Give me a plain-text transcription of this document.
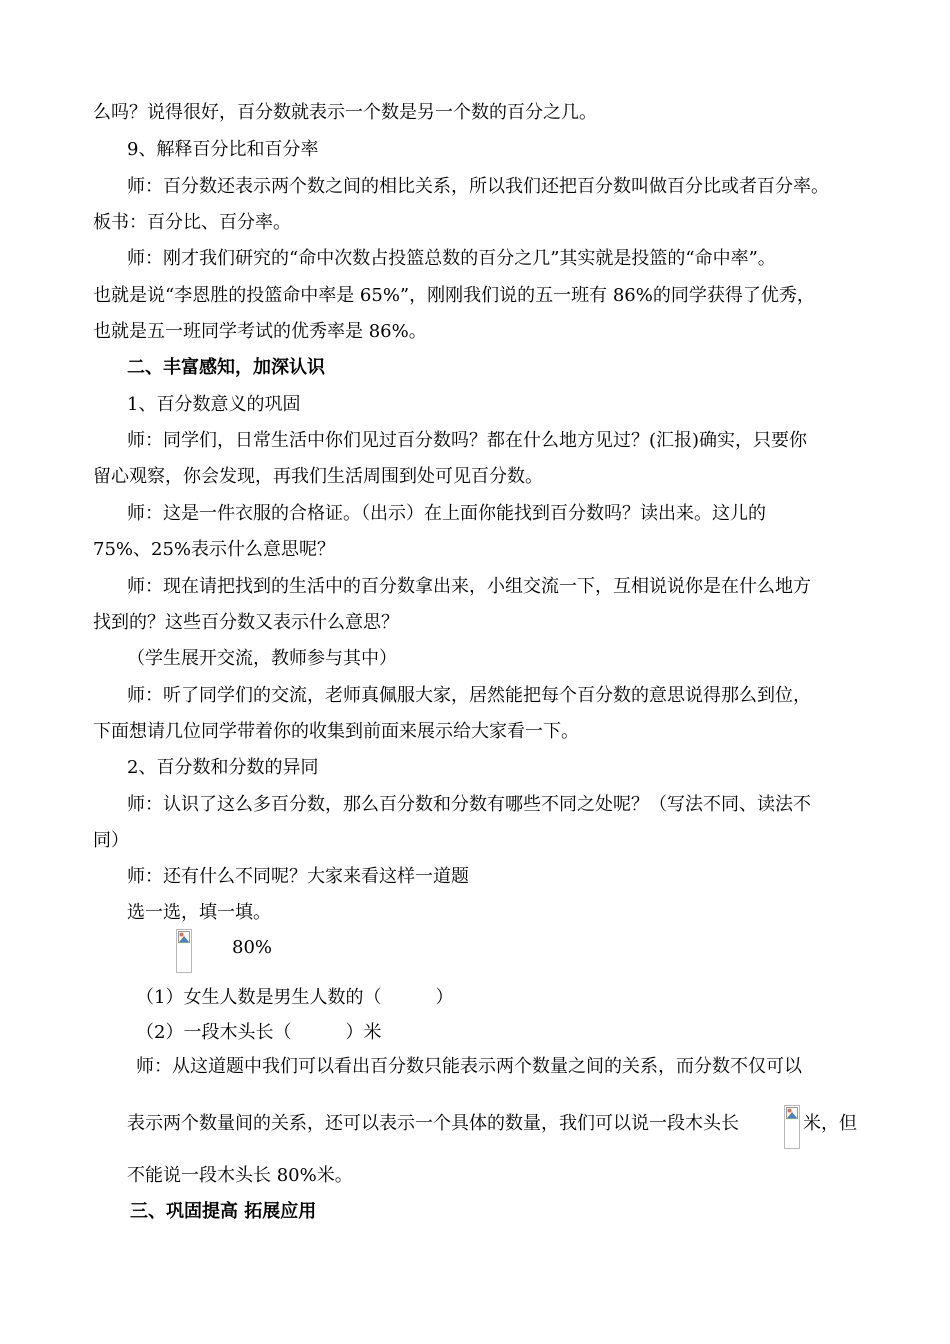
么吗？说得很好，百分数就表示一个数是另一个数的百分之几。
9、解释百分比和百分率
师：百分数还表示两个数之间的相比关系，所以我们还把百分数叫做百分比或者百分率。
板书：百分比、百分率。
师：刚才我们研究的“命中次数占投篮总数的百分之几”其实就是投篮的“命中率”。
也就是说“李恩胜的投篮命中率是 65%”，刚刚我们说的五一班有 86%的同学获得了优秀，
也就是五一班同学考试的优秀率是 86%。
二、丰富感知，加深认识
1、百分数意义的巩固
师：同学们，日常生活中你们见过百分数吗？都在什么地方见过？(汇报)确实，只要你
留心观察，你会发现，再我们生活周围到处可见百分数。
师：这是一件衣服的合格证。（出示）在上面你能找到百分数吗？读出来。这儿的
75%、25%表示什么意思呢？
师：现在请把找到的生活中的百分数拿出来，小组交流一下，互相说说你是在什么地方
找到的？这些百分数又表示什么意思？
（学生展开交流，教师参与其中）
师：听了同学们的交流，老师真佩服大家，居然能把每个百分数的意思说得那么到位，
下面想请几位同学带着你的收集到前面来展示给大家看一下。
2、百分数和分数的异同
师：认识了这么多百分数，那么百分数和分数有哪些不同之处呢？（写法不同、读法不
同）
师：还有什么不同呢？大家来看这样一道题
选一选，填一填。
80%
（1）女生人数是男生人数的（　　　）
（2）一段木头长（　　　）米
师：从这道题中我们可以看出百分数只能表示两个数量之间的关系，而分数不仅可以
表示两个数量间的关系，还可以表示一个具体的数量，我们可以说一段木头长	米，但
不能说一段木头长 80%米。
三、巩固提高 拓展应用
